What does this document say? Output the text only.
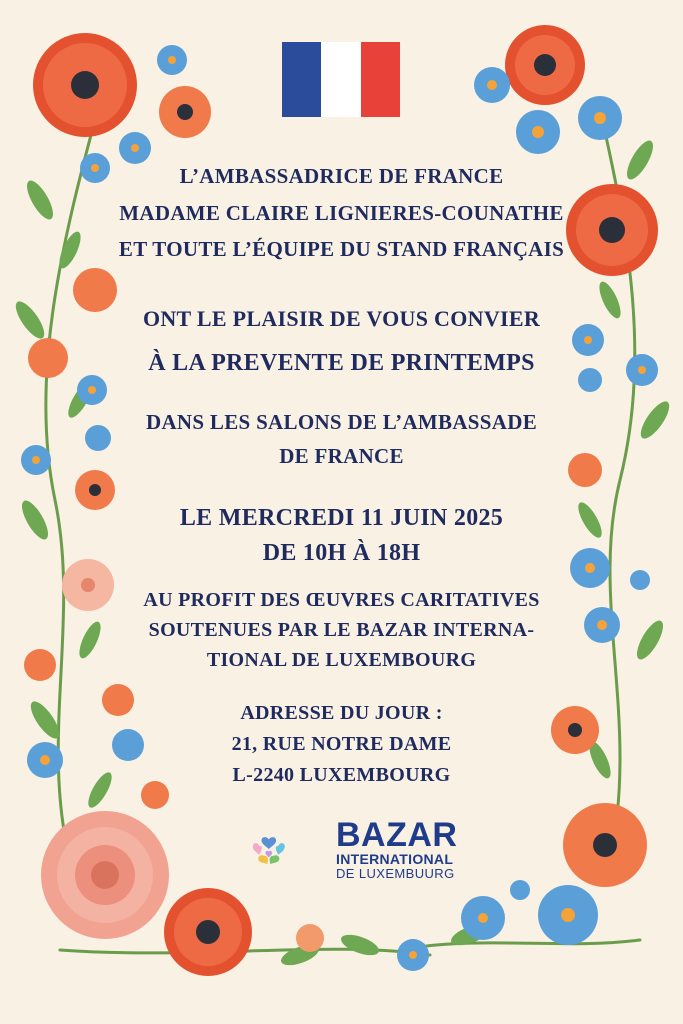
L’AMBASSADRICE DE FRANCE
MADAME CLAIRE LIGNIERES-COUNATHE
ET TOUTE L’ÉQUIPE DU STAND FRANÇAIS
ONT LE PLAISIR DE VOUS CONVIER
À LA PREVENTE DE PRINTEMPS
DANS LES SALONS DE L’AMBASSADE
DE FRANCE
LE MERCREDI 11 JUIN 2025
DE 10H À 18H
AU PROFIT DES ŒUVRES CARITATIVES
SOUTENUES PAR LE BAZAR INTERNA-
TIONAL DE LUXEMBOURG
ADRESSE DU JOUR :
21, RUE NOTRE DAME
L-2240 LUXEMBOURG
BAZAR
INTERNATIONAL
DE LUXEMBUURG
